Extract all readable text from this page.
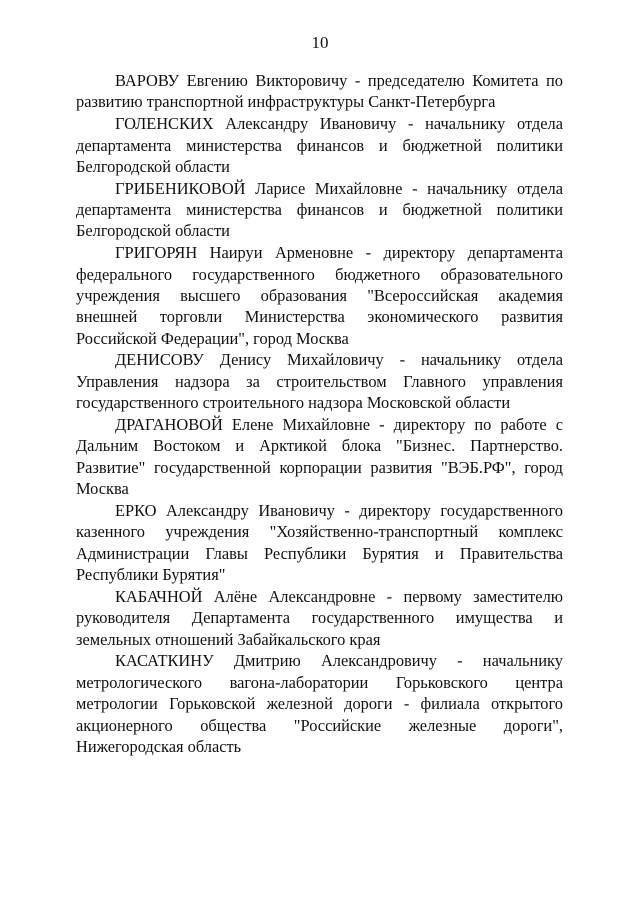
10

ВАРОВУ Евгению Викторовичу - председателю Комитета по развитию транспортной инфраструктуры Санкт-Петербурга

ГОЛЕНСКИХ Александру Ивановичу - начальнику отдела департамента министерства финансов и бюджетной политики Белгородской области

ГРИБЕНИКОВОЙ Ларисе Михайловне - начальнику отдела департамента министерства финансов и бюджетной политики Белгородской области

ГРИГОРЯН Наируи Арменовне - директору департамента федерального государственного бюджетного образовательного учреждения высшего образования "Всероссийская академия внешней торговли Министерства экономического развития Российской Федерации", город Москва

ДЕНИСОВУ Денису Михайловичу - начальнику отдела Управления надзора за строительством Главного управления государственного строительного надзора Московской области

ДРАГАНОВОЙ Елене Михайловне - директору по работе с Дальним Востоком и Арктикой блока "Бизнес. Партнерство. Развитие" государственной корпорации развития "ВЭБ.РФ", город Москва

ЕРКО Александру Ивановичу - директору государственного казенного учреждения "Хозяйственно-транспортный комплекс Администрации Главы Республики Бурятия и Правительства Республики Бурятия"

КАБАЧНОЙ Алёне Александровне - первому заместителю руководителя Департамента государственного имущества и земельных отношений Забайкальского края

КАСАТКИНУ Дмитрию Александровичу - начальнику метрологического вагона-лаборатории Горьковского центра метрологии Горьковской железной дороги - филиала открытого акционерного общества "Российские железные дороги", Нижегородская область
